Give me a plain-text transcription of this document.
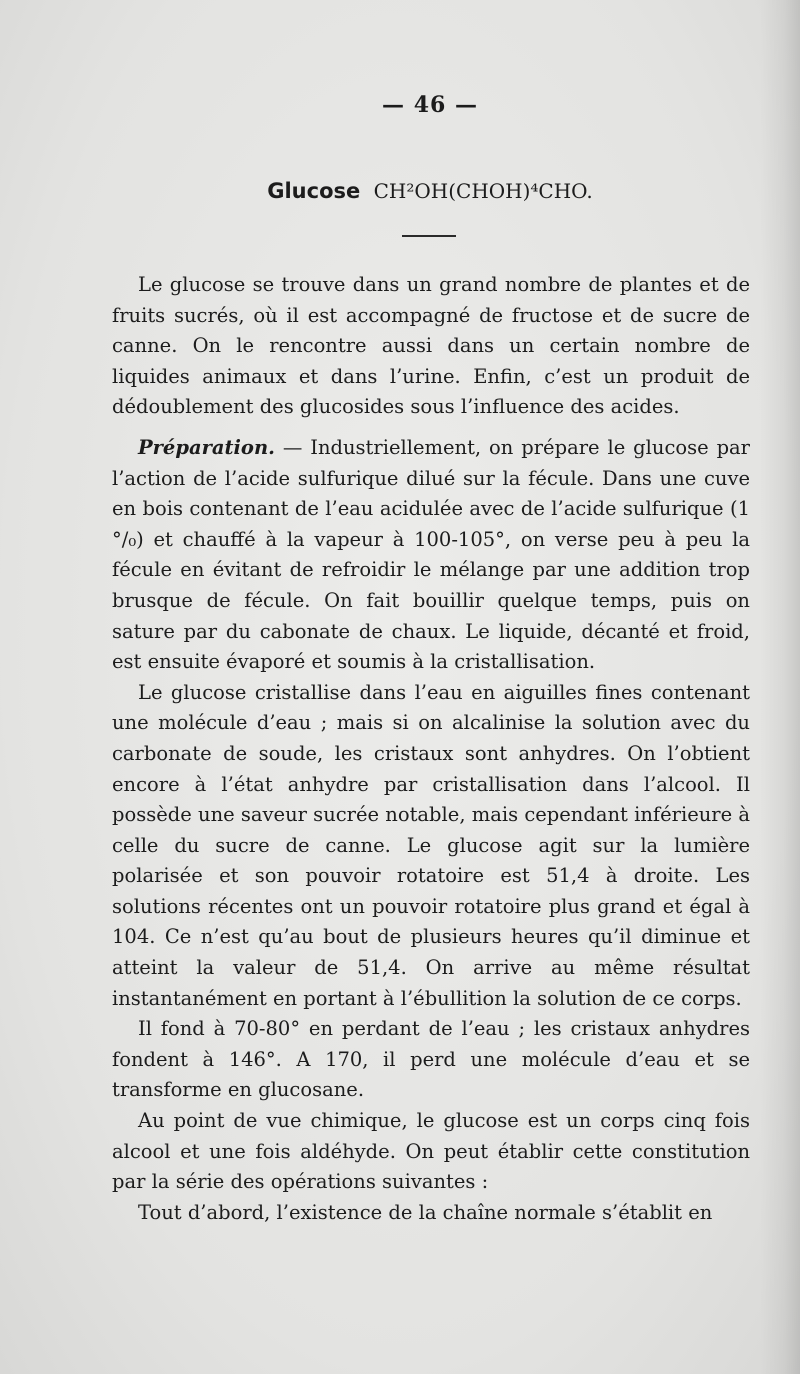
— 46 —
Glucose CH²OH(CHOH)⁴CHO.

Le glucose se trouve dans un grand nombre de plantes et de fruits sucrés, où il est accompagné de fructose et de sucre de canne. On le rencontre aussi dans un certain nombre de liquides animaux et dans l’urine. Enfin, c’est un produit de dédoublement des glucosides sous l’influence des acides.

Préparation. — Industriellement, on prépare le glucose par l’action de l’acide sulfurique dilué sur la fécule. Dans une cuve en bois contenant de l’eau acidulée avec de l’acide sulfurique (1 °/₀) et chauffé à la vapeur à 100-105°, on verse peu à peu la fécule en évitant de refroidir le mélange par une addition trop brusque de fécule. On fait bouillir quelque temps, puis on sature par du cabonate de chaux. Le liquide, décanté et froid, est ensuite évaporé et soumis à la cristallisation.

Le glucose cristallise dans l’eau en aiguilles fines contenant une molécule d’eau ; mais si on alcalinise la solution avec du carbonate de soude, les cristaux sont anhydres. On l’obtient encore à l’état anhydre par cristallisation dans l’alcool. Il possède une saveur sucrée notable, mais cependant inférieure à celle du sucre de canne. Le glucose agit sur la lumière polarisée et son pouvoir rotatoire est 51,4 à droite. Les solutions récentes ont un pouvoir rotatoire plus grand et égal à 104. Ce n’est qu’au bout de plusieurs heures qu’il diminue et atteint la valeur de 51,4. On arrive au même résultat instantanément en portant à l’ébullition la solution de ce corps.

Il fond à 70-80° en perdant de l’eau ; les cristaux anhydres fondent à 146°. A 170, il perd une molécule d’eau et se transforme en glucosane.

Au point de vue chimique, le glucose est un corps cinq fois alcool et une fois aldéhyde. On peut établir cette constitution par la série des opérations suivantes :

Tout d’abord, l’existence de la chaîne normale s’établit en
